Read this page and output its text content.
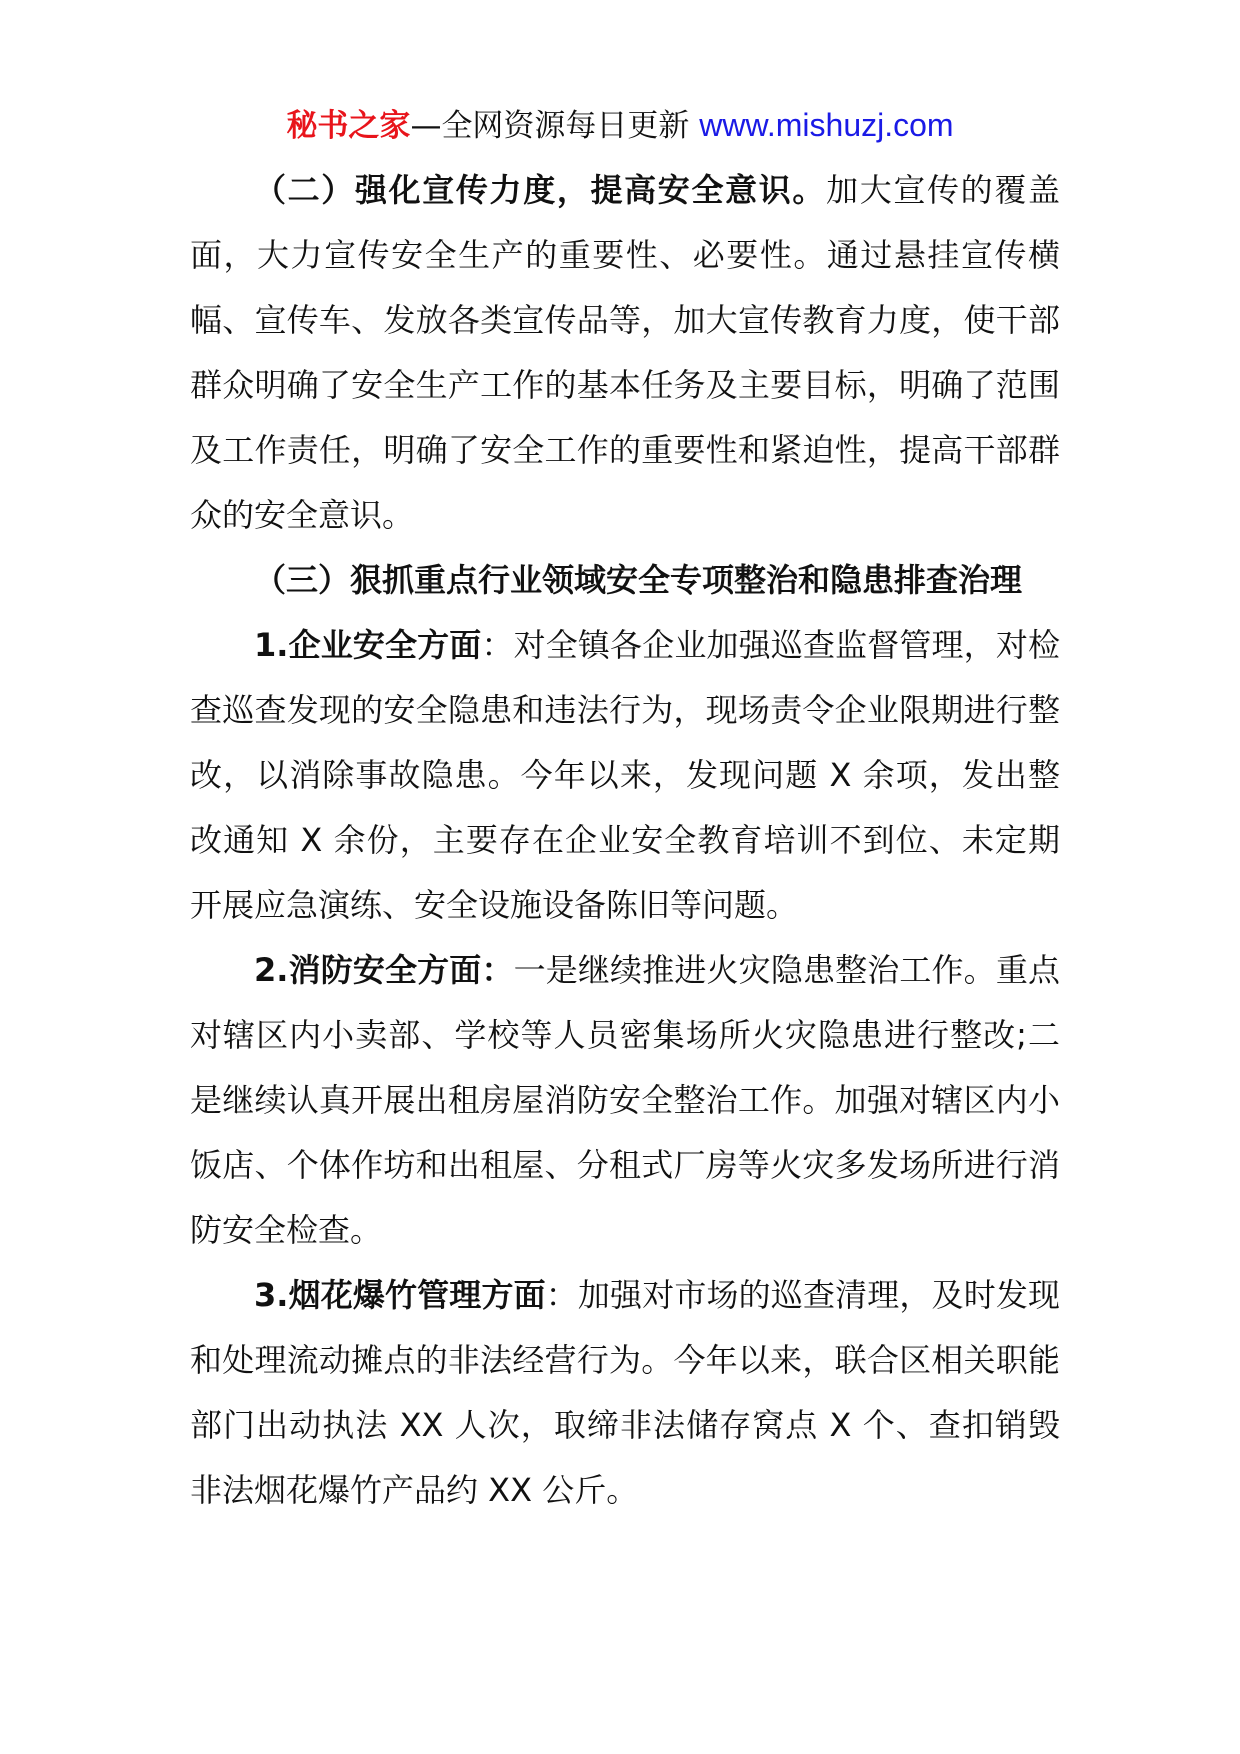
秘书之家—全网资源每日更新 www.mishuzj.com

（二）强化宣传力度，提高安全意识。加大宣传的覆盖面，大力宣传安全生产的重要性、必要性。通过悬挂宣传横幅、宣传车、发放各类宣传品等，加大宣传教育力度，使干部群众明确了安全生产工作的基本任务及主要目标，明确了范围及工作责任，明确了安全工作的重要性和紧迫性，提高干部群众的安全意识。

（三）狠抓重点行业领域安全专项整治和隐患排查治理

1.企业安全方面：对全镇各企业加强巡查监督管理，对检查巡查发现的安全隐患和违法行为，现场责令企业限期进行整改，以消除事故隐患。今年以来，发现问题 X 余项，发出整改通知 X 余份，主要存在企业安全教育培训不到位、未定期开展应急演练、安全设施设备陈旧等问题。

2.消防安全方面：一是继续推进火灾隐患整治工作。重点对辖区内小卖部、学校等人员密集场所火灾隐患进行整改;二是继续认真开展出租房屋消防安全整治工作。加强对辖区内小饭店、个体作坊和出租屋、分租式厂房等火灾多发场所进行消防安全检查。

3.烟花爆竹管理方面：加强对市场的巡查清理，及时发现和处理流动摊点的非法经营行为。今年以来，联合区相关职能部门出动执法 XX 人次，取缔非法储存窝点 X 个、查扣销毁非法烟花爆竹产品约 XX 公斤。
